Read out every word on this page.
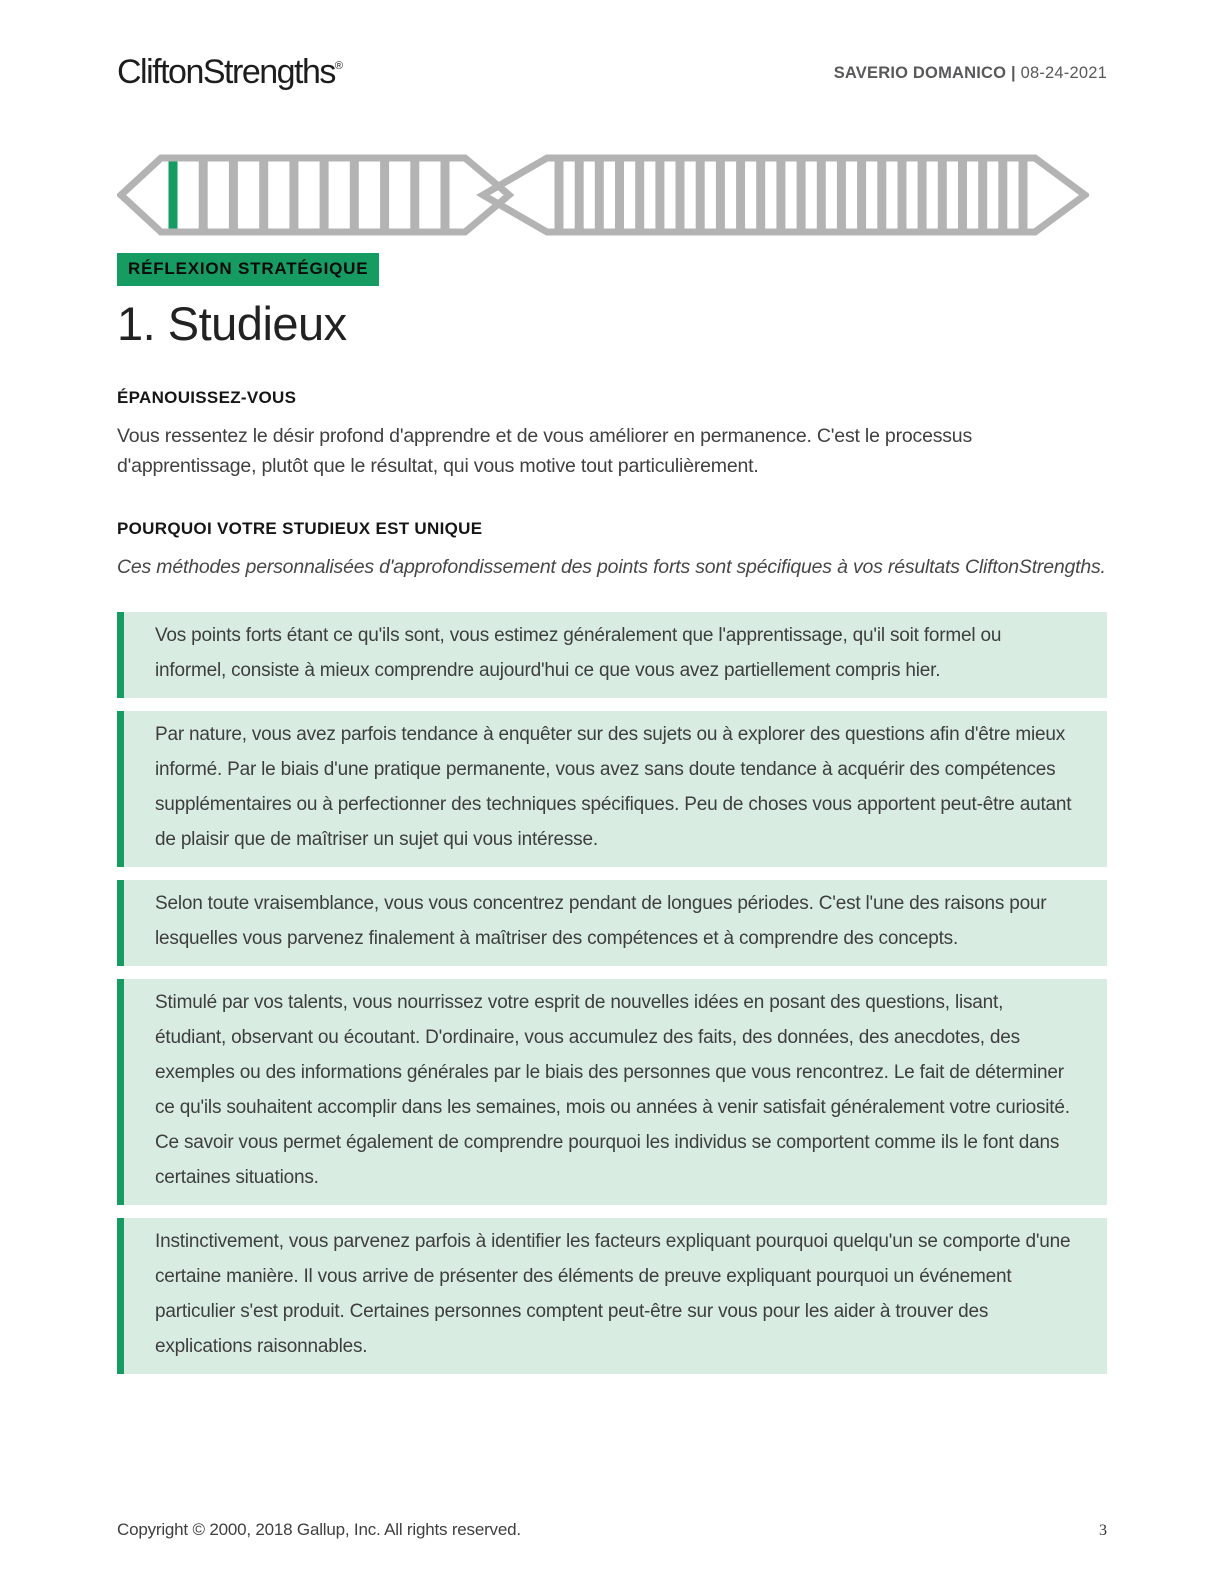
CliftonStrengths®	SAVERIO DOMANICO | 08-24-2021
RÉFLEXION STRATÉGIQUE
1. Studieux
ÉPANOUISSEZ-VOUS

Vous ressentez le désir profond d'apprendre et de vous améliorer en permanence. C'est le processus d'apprentissage, plutôt que le résultat, qui vous motive tout particulièrement.

POURQUOI VOTRE STUDIEUX EST UNIQUE

Ces méthodes personnalisées d'approfondissement des points forts sont spécifiques à vos résultats CliftonStrengths.

Vos points forts étant ce qu'ils sont, vous estimez généralement que l'apprentissage, qu'il soit formel ou informel, consiste à mieux comprendre aujourd'hui ce que vous avez partiellement compris hier.

Par nature, vous avez parfois tendance à enquêter sur des sujets ou à explorer des questions afin d'être mieux informé. Par le biais d'une pratique permanente, vous avez sans doute tendance à acquérir des compétences supplémentaires ou à perfectionner des techniques spécifiques. Peu de choses vous apportent peut-être autant de plaisir que de maîtriser un sujet qui vous intéresse.

Selon toute vraisemblance, vous vous concentrez pendant de longues périodes. C'est l'une des raisons pour lesquelles vous parvenez finalement à maîtriser des compétences et à comprendre des concepts.

Stimulé par vos talents, vous nourrissez votre esprit de nouvelles idées en posant des questions, lisant, étudiant, observant ou écoutant. D'ordinaire, vous accumulez des faits, des données, des anecdotes, des exemples ou des informations générales par le biais des personnes que vous rencontrez. Le fait de déterminer ce qu'ils souhaitent accomplir dans les semaines, mois ou années à venir satisfait généralement votre curiosité. Ce savoir vous permet également de comprendre pourquoi les individus se comportent comme ils le font dans certaines situations.

Instinctivement, vous parvenez parfois à identifier les facteurs expliquant pourquoi quelqu'un se comporte d'une certaine manière. Il vous arrive de présenter des éléments de preuve expliquant pourquoi un événement particulier s'est produit. Certaines personnes comptent peut-être sur vous pour les aider à trouver des explications raisonnables.

Copyright © 2000, 2018 Gallup, Inc. All rights reserved.	3
